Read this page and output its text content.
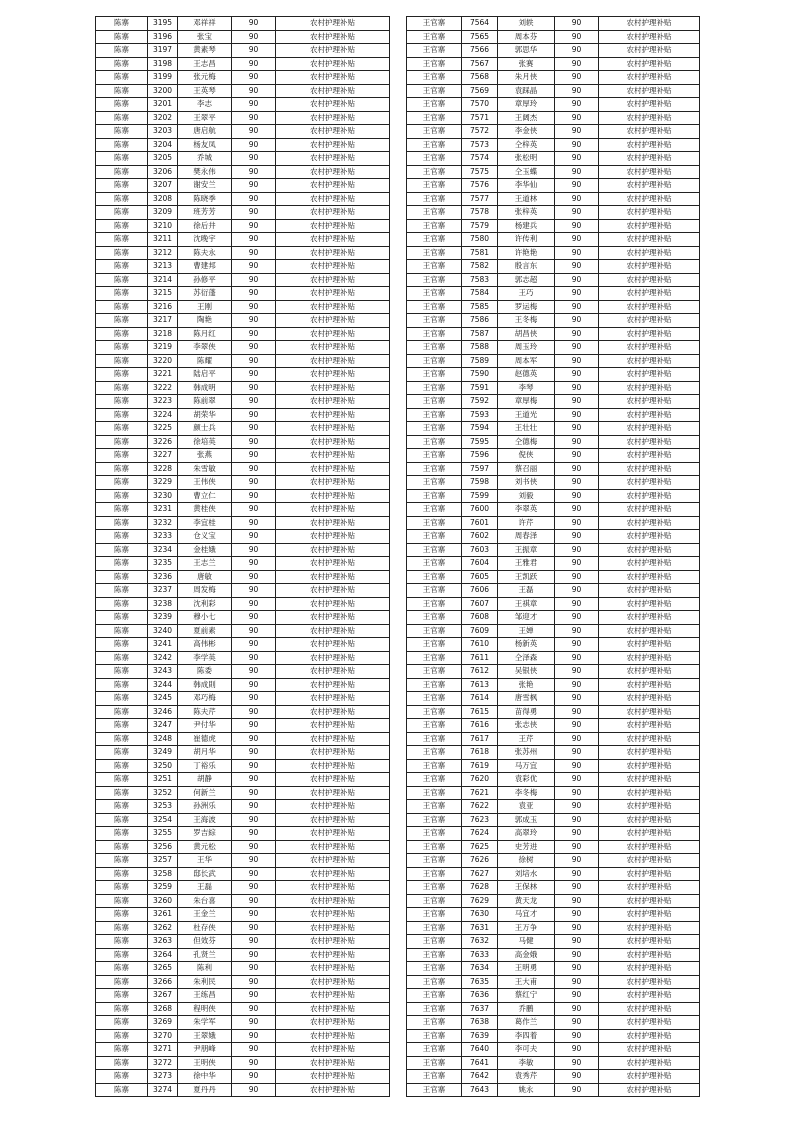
陈寨	3195	邓祥祥	90	农村护理补贴
陈寨	3196	张宝	90	农村护理补贴
陈寨	3197	黄素琴	90	农村护理补贴
陈寨	3198	王志昌	90	农村护理补贴
陈寨	3199	张元梅	90	农村护理补贴
陈寨	3200	王英琴	90	农村护理补贴
陈寨	3201	李志	90	农村护理补贴
陈寨	3202	王翠平	90	农村护理补贴
陈寨	3203	唐启航	90	农村护理补贴
陈寨	3204	杨友凤	90	农村护理补贴
陈寨	3205	乔城	90	农村护理补贴
陈寨	3206	樊永伟	90	农村护理补贴
陈寨	3207	谢安兰	90	农村护理补贴
陈寨	3208	陈晓季	90	农村护理补贴
陈寨	3209	班芳芳	90	农村护理补贴
陈寨	3210	徐后井	90	农村护理补贴
陈寨	3211	沈晚宇	90	农村护理补贴
陈寨	3212	陈夫永	90	农村护理补贴
陈寨	3213	曹建邦	90	农村护理补贴
陈寨	3214	孙修平	90	农村护理补贴
陈寨	3215	苏衍蓬	90	农村护理补贴
陈寨	3216	王刚	90	农村护理补贴
陈寨	3217	陶艳	90	农村护理补贴
陈寨	3218	陈月红	90	农村护理补贴
陈寨	3219	李翠侠	90	农村护理补贴
陈寨	3220	陈耀	90	农村护理补贴
陈寨	3221	陆启平	90	农村护理补贴
陈寨	3222	韩成明	90	农村护理补贴
陈寨	3223	陈前翠	90	农村护理补贴
陈寨	3224	胡荣华	90	农村护理补贴
陈寨	3225	颜士兵	90	农村护理补贴
陈寨	3226	徐培英	90	农村护理补贴
陈寨	3227	张燕	90	农村护理补贴
陈寨	3228	朱雪敏	90	农村护理补贴
陈寨	3229	王伟侠	90	农村护理补贴
陈寨	3230	曹立仁	90	农村护理补贴
陈寨	3231	黄桂侠	90	农村护理补贴
陈寨	3232	李宜桂	90	农村护理补贴
陈寨	3233	仓义宝	90	农村护理补贴
陈寨	3234	金桂娥	90	农村护理补贴
陈寨	3235	王志兰	90	农村护理补贴
陈寨	3236	唐敏	90	农村护理补贴
陈寨	3237	周发梅	90	农村护理补贴
陈寨	3238	沈利彩	90	农村护理补贴
陈寨	3239	穆小七	90	农村护理补贴
陈寨	3240	夏前素	90	农村护理补贴
陈寨	3241	高伟彬	90	农村护理补贴
陈寨	3242	李学英	90	农村护理补贴
陈寨	3243	陈委	90	农村护理补贴
陈寨	3244	韩成則	90	农村护理补贴
陈寨	3245	邓巧梅	90	农村护理补贴
陈寨	3246	陈夫芹	90	农村护理补贴
陈寨	3247	尹付华	90	农村护理补贴
陈寨	3248	崔德虎	90	农村护理补贴
陈寨	3249	胡月华	90	农村护理补贴
陈寨	3250	丁裕乐	90	农村护理补贴
陈寨	3251	胡静	90	农村护理补贴
陈寨	3252	何新兰	90	农村护理补贴
陈寨	3253	孙洲乐	90	农村护理补贴
陈寨	3254	王海波	90	农村护理补贴
陈寨	3255	罗吉綜	90	农村护理补贴
陈寨	3256	黄元松	90	农村护理补贴
陈寨	3257	王华	90	农村护理补贴
陈寨	3258	邸长武	90	农村护理补贴
陈寨	3259	王磊	90	农村护理补贴
陈寨	3260	朱台喜	90	农村护理补贴
陈寨	3261	王金兰	90	农村护理补贴
陈寨	3262	杜存侠	90	农村护理补贴
陈寨	3263	但效芬	90	农村护理补贴
陈寨	3264	孔贤兰	90	农村护理补贴
陈寨	3265	陈利	90	农村护理补贴
陈寨	3266	朱利民	90	农村护理补贴
陈寨	3267	王练昌	90	农村护理补贴
陈寨	3268	程明侠	90	农村护理补贴
陈寨	3269	朱学军	90	农村护理补贴
陈寨	3270	王翠娥	90	农村护理补贴
陈寨	3271	尹朋峰	90	农村护理补贴
陈寨	3272	王明侠	90	农村护理补贴
陈寨	3273	徐中华	90	农村护理补贴
陈寨	3274	夏丹丹	90	农村护理补贴
王官寨	7564	刘轶	90	农村护理补贴
王官寨	7565	周本芬	90	农村护理补贴
王官寨	7566	郭思华	90	农村护理补贴
王官寨	7567	张赛	90	农村护理补贴
王官寨	7568	朱月侠	90	农村护理补贴
王官寨	7569	袁踩晶	90	农村护理补贴
王官寨	7570	章厚玲	90	农村护理补贴
王官寨	7571	王阔杰	90	农村护理补贴
王官寨	7572	李金侠	90	农村护理补贴
王官寨	7573	仝梓英	90	农村护理补贴
王官寨	7574	张松明	90	农村护理补贴
王官寨	7575	仝玉蝶	90	农村护理补贴
王官寨	7576	李华仙	90	农村护理补贴
王官寨	7577	王道林	90	农村护理补贴
王官寨	7578	张梓英	90	农村护理补贴
王官寨	7579	杨建兵	90	农村护理补贴
王官寨	7580	许传利	90	农村护理补贴
王官寨	7581	许艳艳	90	农村护理补贴
王官寨	7582	殷言东	90	农村护理补贴
王官寨	7583	郭志超	90	农村护理补贴
王官寨	7584	王巧	90	农村护理补贴
王官寨	7585	罗运梅	90	农村护理补贴
王官寨	7586	王冬梅	90	农村护理补贴
王官寨	7587	胡昌侠	90	农村护理补贴
王官寨	7588	周玉玲	90	农村护理补贴
王官寨	7589	周本军	90	农村护理补贴
王官寨	7590	赵德英	90	农村护理补贴
王官寨	7591	李琴	90	农村护理补贴
王官寨	7592	章厚梅	90	农村护理补贴
王官寨	7593	王道光	90	农村护理补贴
王官寨	7594	王壮壮	90	农村护理补贴
王官寨	7595	仝德梅	90	农村护理补贴
王官寨	7596	倪侠	90	农村护理补贴
王官寨	7597	蔡召丽	90	农村护理补贴
王官寨	7598	刘书侠	90	农村护理补贴
王官寨	7599	刘毅	90	农村护理补贴
王官寨	7600	李翠英	90	农村护理补贴
王官寨	7601	许芹	90	农村护理补贴
王官寨	7602	周春泽	90	农村护理补贴
王官寨	7603	王振章	90	农村护理补贴
王官寨	7604	王雅君	90	农村护理补贴
王官寨	7605	王凯跃	90	农村护理补贴
王官寨	7606	王磊	90	农村护理补贴
王官寨	7607	王祺章	90	农村护理补贴
王官寨	7608	邹迎才	90	农村护理补贴
王官寨	7609	王婵	90	农村护理补贴
王官寨	7610	杨新英	90	农村护理补贴
王官寨	7611	仝泽森	90	农村护理补贴
王官寨	7612	吴银侠	90	农村护理补贴
王官寨	7613	张艳	90	农村护理补贴
王官寨	7614	唐雪枫	90	农村护理补贴
王官寨	7615	苗得勇	90	农村护理补贴
王官寨	7616	张志侠	90	农村护理补贴
王官寨	7617	王芹	90	农村护理补贴
王官寨	7618	张苏州	90	农村护理补贴
王官寨	7619	马万宜	90	农村护理补贴
王官寨	7620	袁彩优	90	农村护理补贴
王官寨	7621	李冬梅	90	农村护理补贴
王官寨	7622	袁亚	90	农村护理补贴
王官寨	7623	郭成玉	90	农村护理补贴
王官寨	7624	高翠玲	90	农村护理补贴
王官寨	7625	史芳进	90	农村护理补贴
王官寨	7626	徐树	90	农村护理补贴
王官寨	7627	刘培水	90	农村护理补贴
王官寨	7628	王保林	90	农村护理补贴
王官寨	7629	黄天龙	90	农村护理补贴
王官寨	7630	马宜才	90	农村护理补贴
王官寨	7631	王万争	90	农村护理补贴
王官寨	7632	马健	90	农村护理补贴
王官寨	7633	高金娥	90	农村护理补贴
王官寨	7634	王明勇	90	农村护理补贴
王官寨	7635	王大甫	90	农村护理补贴
王官寨	7636	蔡红宁	90	农村护理补贴
王官寨	7637	乔鹏	90	农村护理补贴
王官寨	7638	葛作兰	90	农村护理补贴
王官寨	7639	李四着	90	农村护理补贴
王官寨	7640	李可夫	90	农村护理补贴
王官寨	7641	李敏	90	农村护理补贴
王官寨	7642	袁秀芹	90	农村护理补贴
王官寨	7643	姚永	90	农村护理补贴
